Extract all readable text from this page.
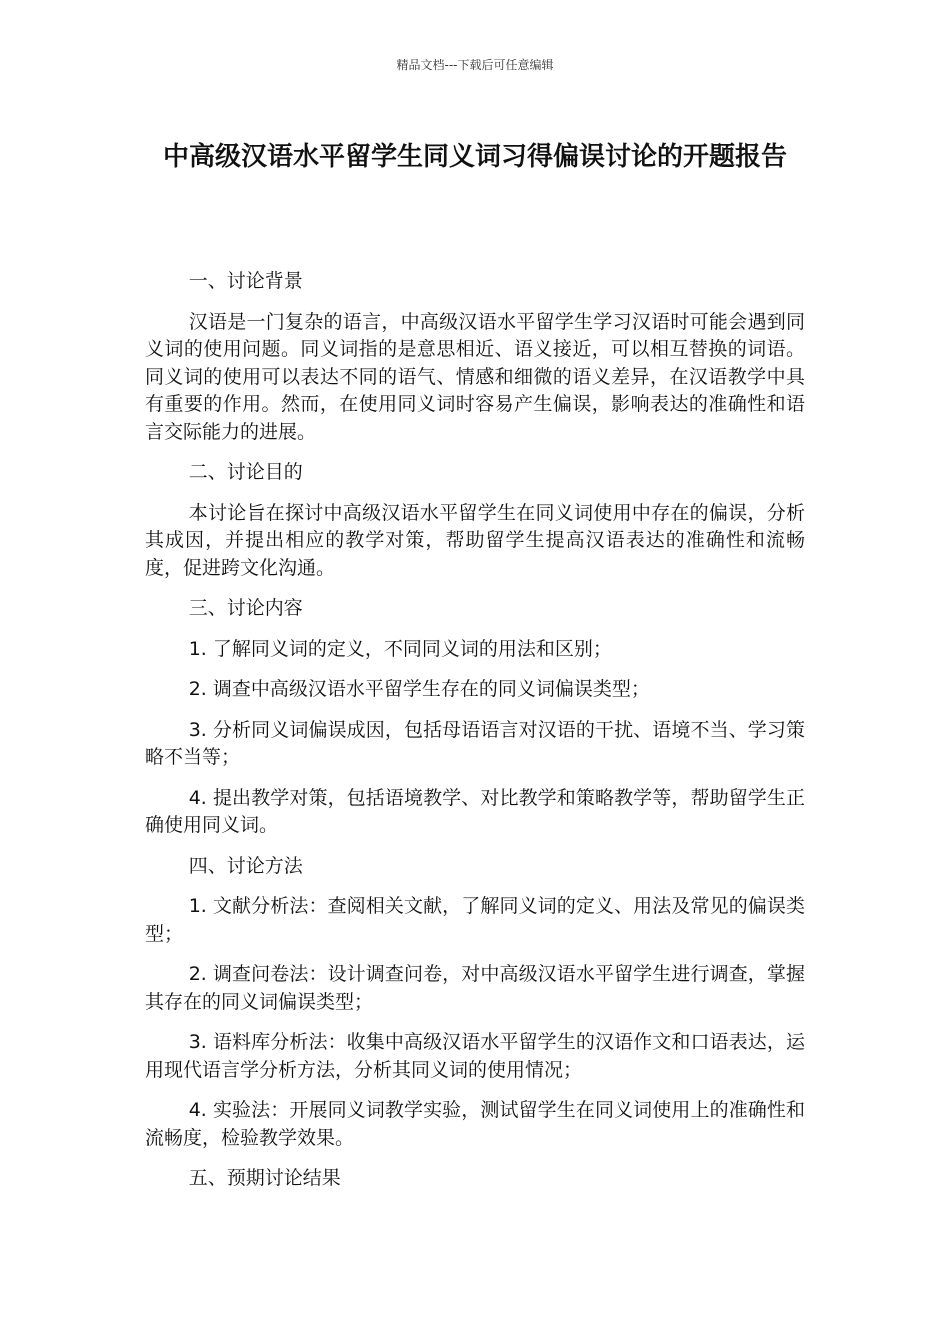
精品文档---下载后可任意编辑
中高级汉语水平留学生同义词习得偏误讨论的开题报告

一、讨论背景

汉语是一门复杂的语言，中高级汉语水平留学生学习汉语时可能会遇到同义词的使用问题。同义词指的是意思相近、语义接近，可以相互替换的词语。同义词的使用可以表达不同的语气、情感和细微的语义差异，在汉语教学中具有重要的作用。然而，在使用同义词时容易产生偏误，影响表达的准确性和语言交际能力的进展。

二、讨论目的

本讨论旨在探讨中高级汉语水平留学生在同义词使用中存在的偏误，分析其成因，并提出相应的教学对策，帮助留学生提高汉语表达的准确性和流畅度，促进跨文化沟通。

三、讨论内容

1. 了解同义词的定义，不同同义词的用法和区别；

2. 调查中高级汉语水平留学生存在的同义词偏误类型；

3. 分析同义词偏误成因，包括母语语言对汉语的干扰、语境不当、学习策略不当等；

4. 提出教学对策，包括语境教学、对比教学和策略教学等，帮助留学生正确使用同义词。

四、讨论方法

1. 文献分析法：查阅相关文献，了解同义词的定义、用法及常见的偏误类型；

2. 调查问卷法：设计调查问卷，对中高级汉语水平留学生进行调查，掌握其存在的同义词偏误类型；

3. 语料库分析法：收集中高级汉语水平留学生的汉语作文和口语表达，运用现代语言学分析方法，分析其同义词的使用情况；

4. 实验法：开展同义词教学实验，测试留学生在同义词使用上的准确性和流畅度，检验教学效果。

五、预期讨论结果
